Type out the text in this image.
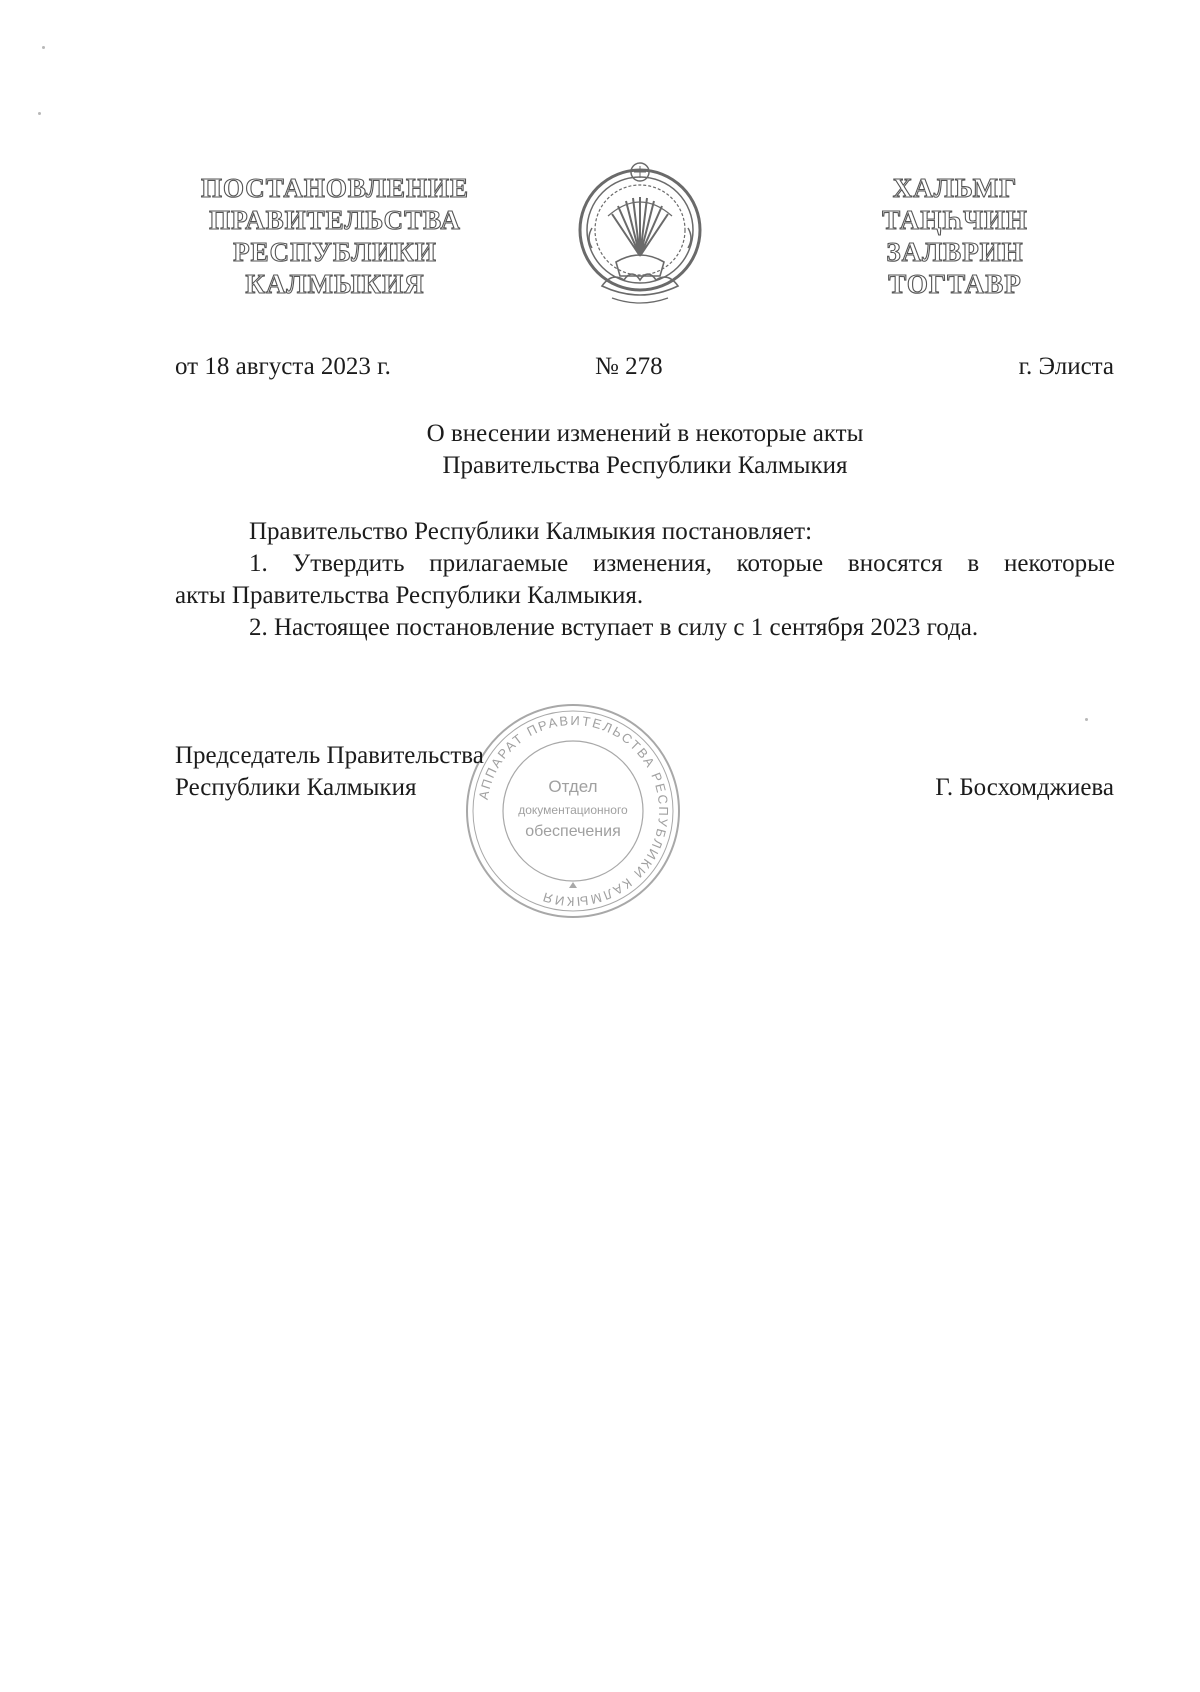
ПОСТАНОВЛЕНИЕ
ПРАВИТЕЛЬСТВА
РЕСПУБЛИКИ
КАЛМЫКИЯ
ХАЛЬМГ
ТАҢҺЧИН
ЗАЛВРИН
ТОГТАВР
от 18 августа 2023 г.	№ 278	г. Элиста
О внесении изменений в некоторые акты
Правительства Республики Калмыкия

Правительство Республики Калмыкия постановляет:

1. Утвердить прилагаемые изменения, которые вносятся в некоторые

акты Правительства Республики Калмыкия.

2. Настоящее постановление вступает в силу с 1 сентября 2023 года.

АППАРАТ ПРАВИТЕЛЬСТВА РЕСПУБЛИКИ КАЛМЫКИЯ
Отдел
документационного
обеспечения
Председатель Правительства
Республики Калмыкия	Г. Босхомджиева
